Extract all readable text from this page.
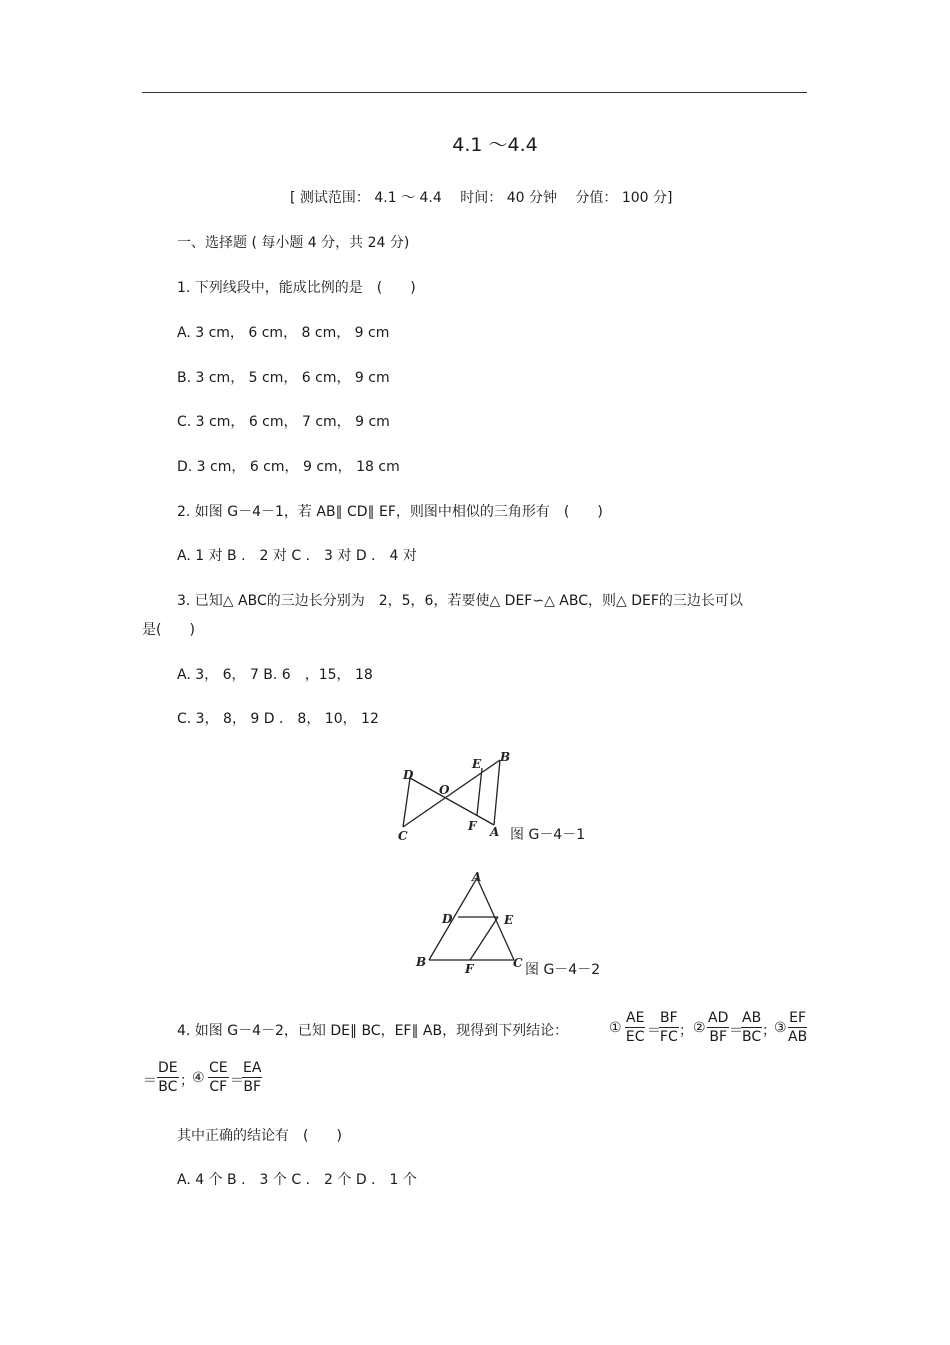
4.1 ～4.4
[ 测试范围： 4.1 ～ 4.4　 时间： 40 分钟　 分值： 100 分]
一、选择题 ( 每小题 4 分，共 24 分)
1. 下列线段中，能成比例的是　(　　)
A. 3 cm， 6 cm， 8 cm， 9 cm
B. 3 cm， 5 cm， 6 cm， 9 cm
C. 3 cm， 6 cm， 7 cm， 9 cm
D. 3 cm， 6 cm， 9 cm， 18 cm
2. 如图 G－4－1，若 AB∥ CD∥ EF，则图中相似的三角形有　(　　)
A. 1 对 B ． 2 对 C ． 3 对 D ． 4 对
3. 已知△ ABC的三边长分别为　2，5，6，若要使△ DEF∽△ ABC，则△ DEF的三边长可以
是(　　)
A. 3， 6， 7 B. 6　，15， 18
C. 3， 8， 9 D ． 8， 10， 12
D
E B
O
C
F A 图 G－4－1
A
D	E
B	F	C 图 G－4－2
4. 如图 G－4－2，已知 DE∥ BC，EF∥ AB，现得到下列结论：	① $\frac{AE}{EC}$ ＝
$\frac{BF}{FC}$ ； ② $\frac{AD}{BF}$ ＝
$\frac{AB}{BC}$ ；
③ $\frac{EF}{AB}$
＝ $\frac{DE}{BC}$ ；
④ $\frac{CE}{CF}$ ＝
$\frac{EA}{BF}$
其中正确的结论有　(　　)
A. 4 个 B ． 3 个 C ． 2 个 D ． 1 个
